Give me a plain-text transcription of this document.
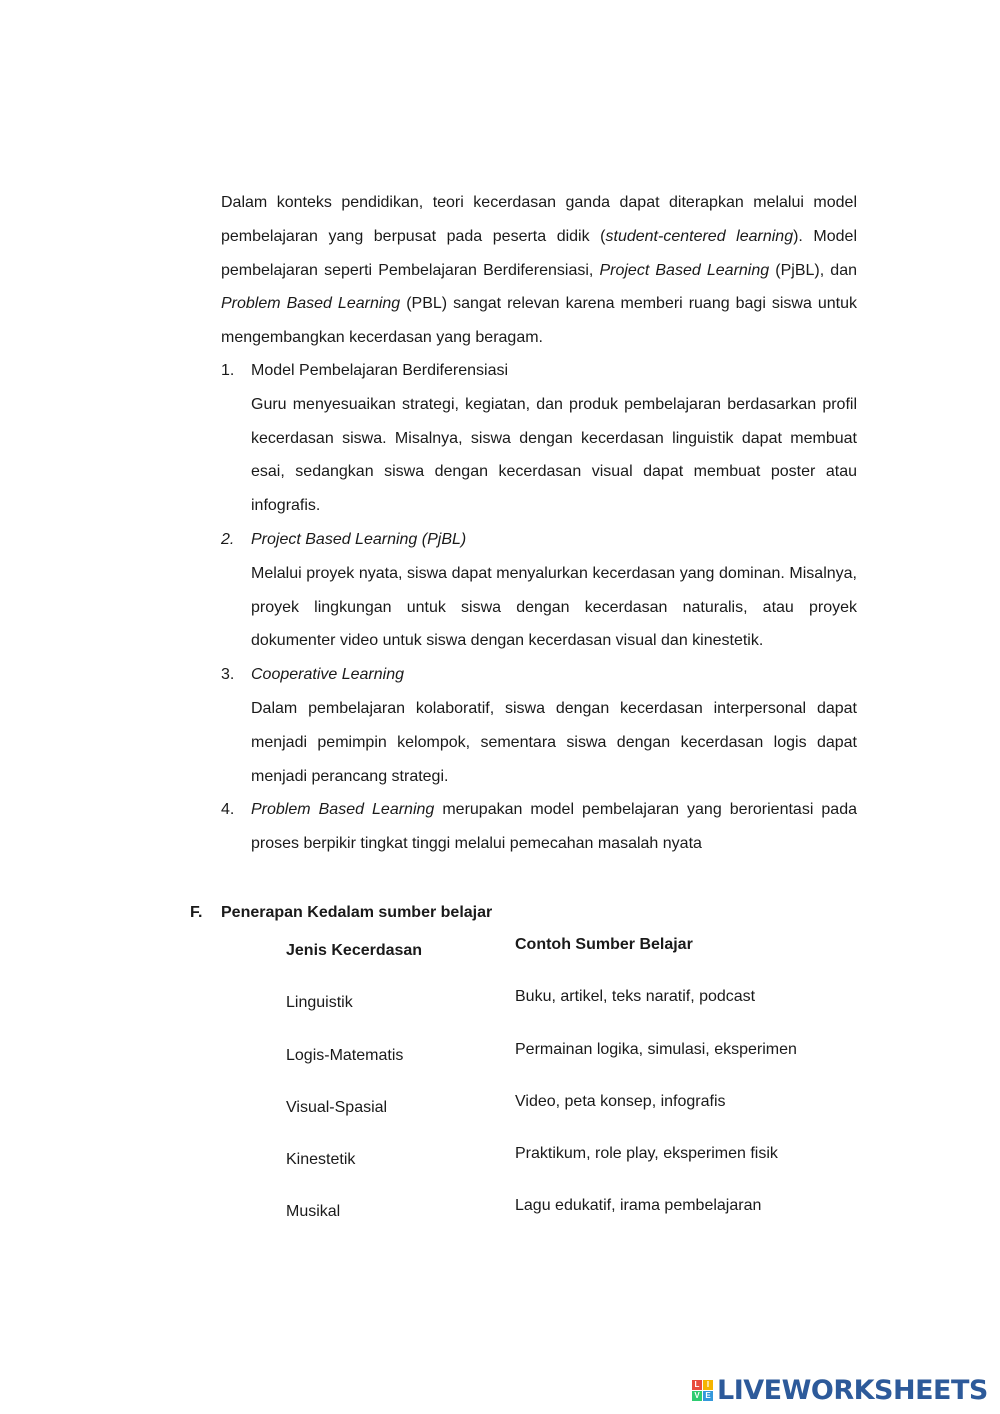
Dalam konteks pendidikan, teori kecerdasan ganda dapat diterapkan melalui model pembelajaran yang berpusat pada peserta didik (student-centered learning). Model pembelajaran seperti Pembelajaran Berdiferensiasi, Project Based Learning (PjBL), dan Problem Based Learning (PBL) sangat relevan karena memberi ruang bagi siswa untuk mengembangkan kecerdasan yang beragam.

1. Model Pembelajaran Berdiferensiasi
Guru menyesuaikan strategi, kegiatan, dan produk pembelajaran berdasarkan profil kecerdasan siswa. Misalnya, siswa dengan kecerdasan linguistik dapat membuat esai, sedangkan siswa dengan kecerdasan visual dapat membuat poster atau infografis.
2. Project Based Learning (PjBL)
Melalui proyek nyata, siswa dapat menyalurkan kecerdasan yang dominan. Misalnya, proyek lingkungan untuk siswa dengan kecerdasan naturalis, atau proyek dokumenter video untuk siswa dengan kecerdasan visual dan kinestetik.
3. Cooperative Learning
Dalam pembelajaran kolaboratif, siswa dengan kecerdasan interpersonal dapat menjadi pemimpin kelompok, sementara siswa dengan kecerdasan logis dapat menjadi perancang strategi.
4. Problem Based Learning merupakan model pembelajaran yang berorientasi pada proses berpikir tingkat tinggi melalui pemecahan masalah nyata
F. Penerapan Kedalam sumber belajar
Jenis Kecerdasan	Contoh Sumber Belajar
Linguistik	Buku, artikel, teks naratif, podcast
Logis-Matematis	Permainan logika, simulasi, eksperimen
Visual-Spasial	Video, peta konsep, infografis
Kinestetik	Praktikum, role play, eksperimen fisik
Musikal	Lagu edukatif, irama pembelajaran
L I
V E LIVEWORKSHEETS
